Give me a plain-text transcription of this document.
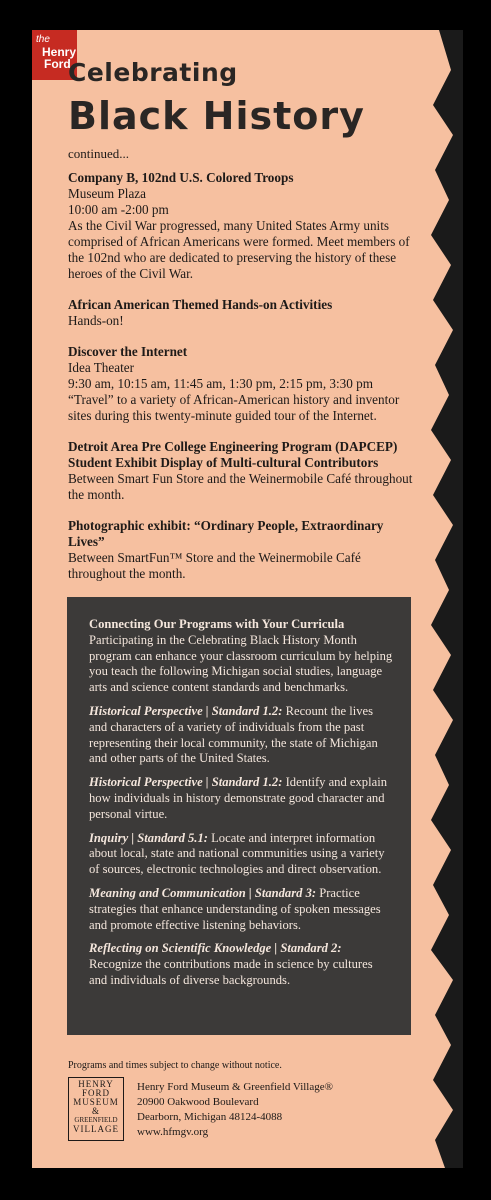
the
Henry
Ford
Celebrating
Black History
continued...
Company B, 102nd U.S. Colored Troops
Museum Plaza
10:00 am -2:00 pm
As the Civil War progressed, many United States Army units comprised of African Americans were formed. Meet members of the 102nd who are dedicated to preserving the history of these heroes of the Civil War.
African American Themed Hands-on Activities
Hands-on!
Discover the Internet
Idea Theater
9:30 am, 10:15 am, 11:45 am, 1:30 pm, 2:15 pm, 3:30 pm
“Travel” to a variety of African-American history and inventor sites during this twenty-minute guided tour of the Internet.
Detroit Area Pre College Engineering Program (DAPCEP) Student Exhibit Display of Multi-cultural Contributors
Between Smart Fun Store and the Weinermobile Café throughout the month.
Photographic exhibit: “Ordinary People, Extraordinary Lives”
Between SmartFun™ Store and the Weinermobile Café throughout the month.
Connecting Our Programs with Your Curricula
Participating in the Celebrating Black History Month program can enhance your classroom curriculum by helping you teach the following Michigan social studies, language arts and science content standards and benchmarks.
Historical Perspective | Standard 1.2: Recount the lives and characters of a variety of individuals from the past representing their local community, the state of Michigan and other parts of the United States.
Historical Perspective | Standard 1.2: Identify and explain how individuals in history demonstrate good character and personal virtue.
Inquiry | Standard 5.1: Locate and interpret information about local, state and national communities using a variety of sources, electronic technologies and direct observation.
Meaning and Communication | Standard 3: Practice strategies that enhance understanding of spoken messages and promote effective listening behaviors.
Reflecting on Scientific Knowledge | Standard 2: Recognize the contributions made in science by cultures and individuals of diverse backgrounds.
Programs and times subject to change without notice.
HENRY
FORD
MUSEUM
&
GREENFIELD
VILLAGE
Henry Ford Museum & Greenfield Village®
20900 Oakwood Boulevard
Dearborn, Michigan 48124-4088
www.hfmgv.org
